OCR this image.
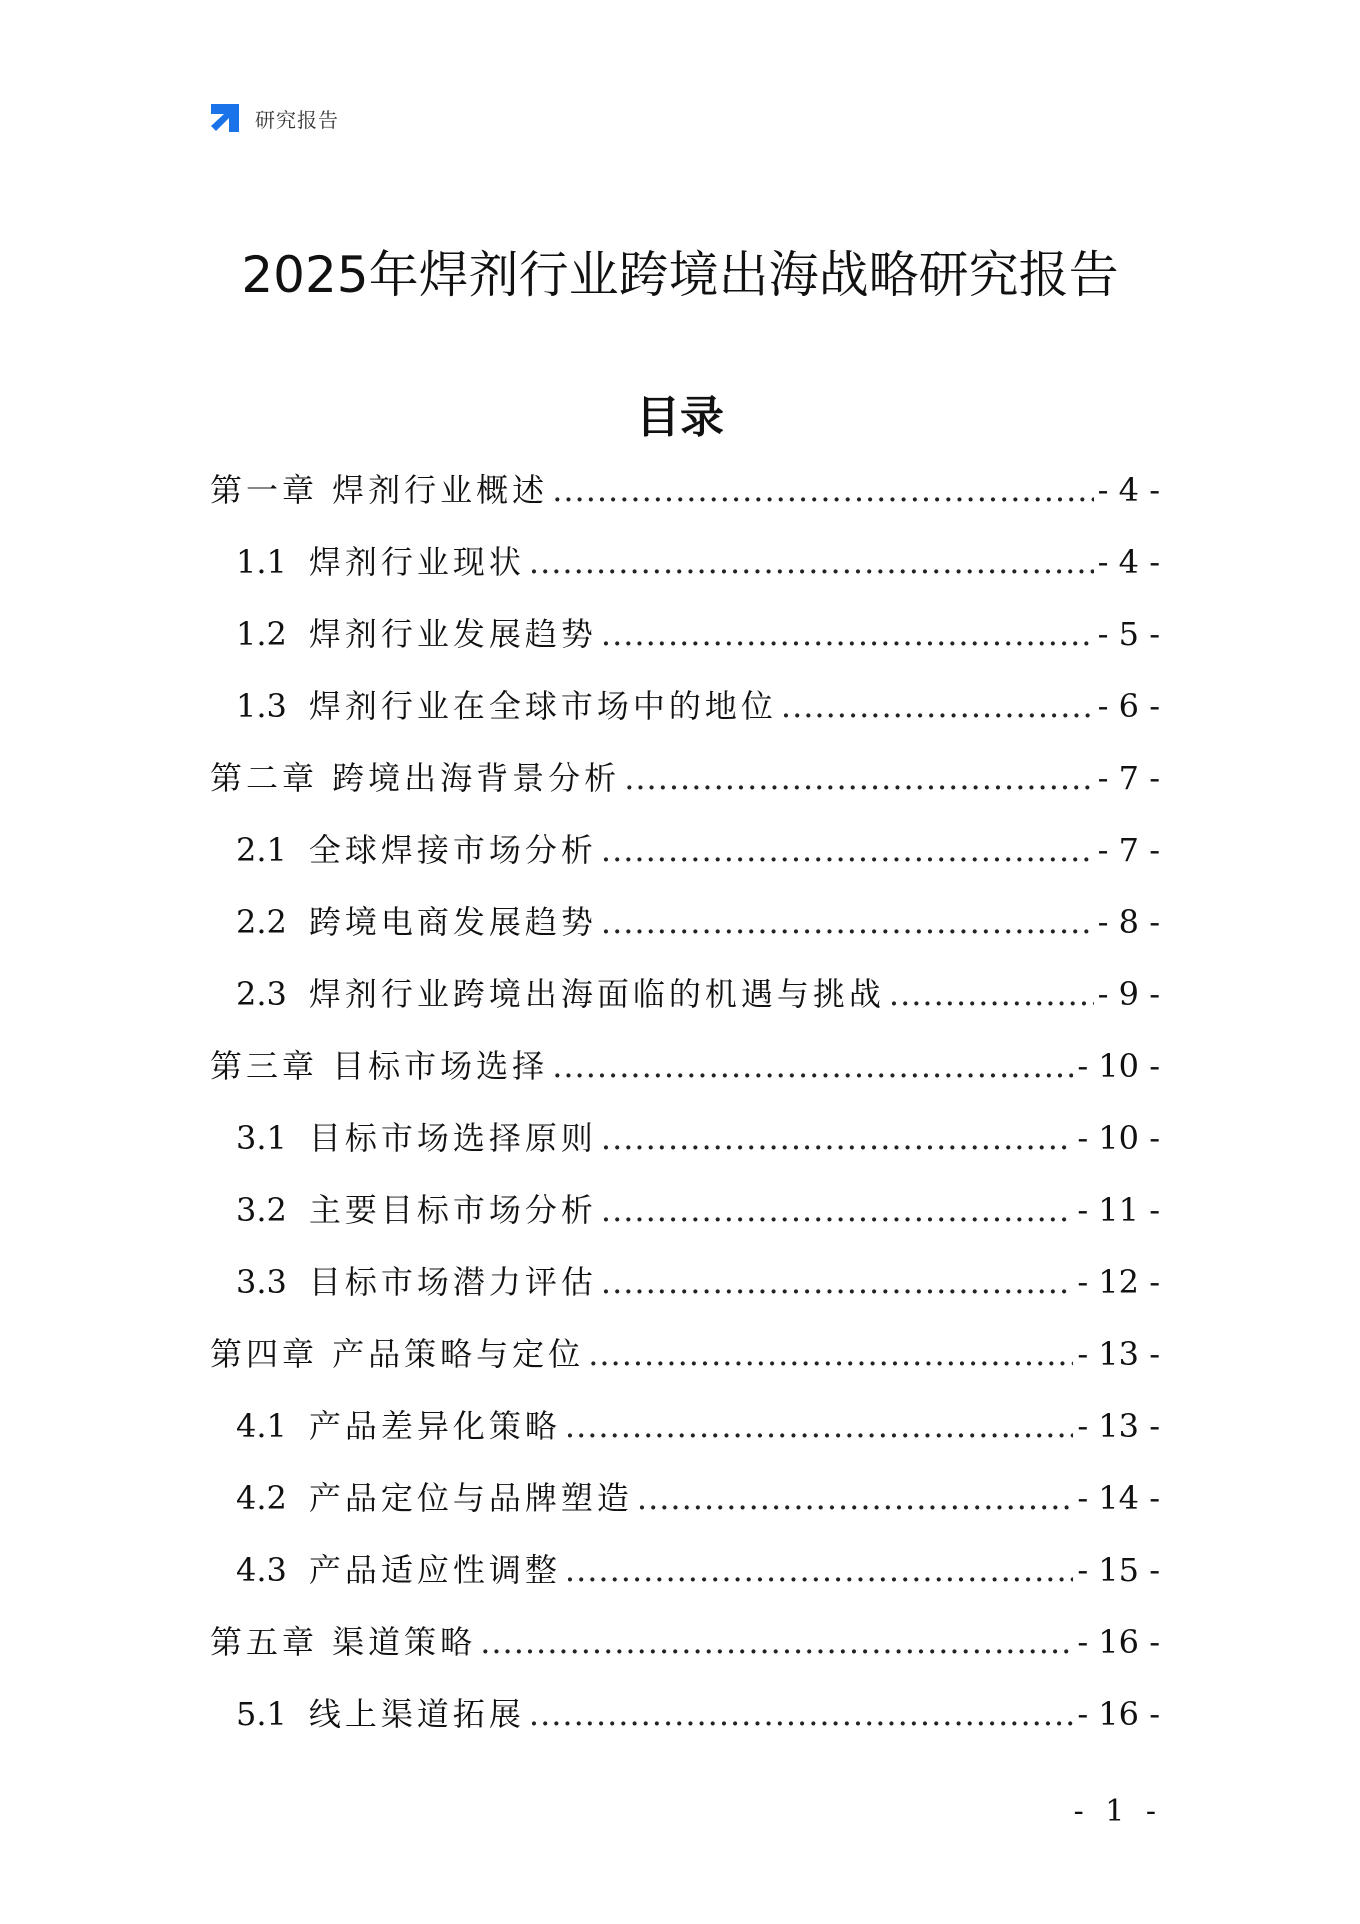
研究报告
2025年焊剂行业跨境出海战略研究报告
目录
第一章 焊剂行业概述 .....	- 4 -
1.1 焊剂行业现状 .....	- 4 -
1.2 焊剂行业发展趋势 .....	- 5 -
1.3 焊剂行业在全球市场中的地位 .....	- 6 -
第二章 跨境出海背景分析 .....	- 7 -
2.1 全球焊接市场分析 .....	- 7 -
2.2 跨境电商发展趋势 .....	- 8 -
2.3 焊剂行业跨境出海面临的机遇与挑战 .....	- 9 -
第三章 目标市场选择 .....	- 10 -
3.1 目标市场选择原则 .....	- 10 -
3.2 主要目标市场分析 .....	- 11 -
3.3 目标市场潜力评估 .....	- 12 -
第四章 产品策略与定位 .....	- 13 -
4.1 产品差异化策略 .....	- 13 -
4.2 产品定位与品牌塑造 .....	- 14 -
4.3 产品适应性调整 .....	- 15 -
第五章 渠道策略 .....	- 16 -
5.1 线上渠道拓展 .....	- 16 -
- 1 -
